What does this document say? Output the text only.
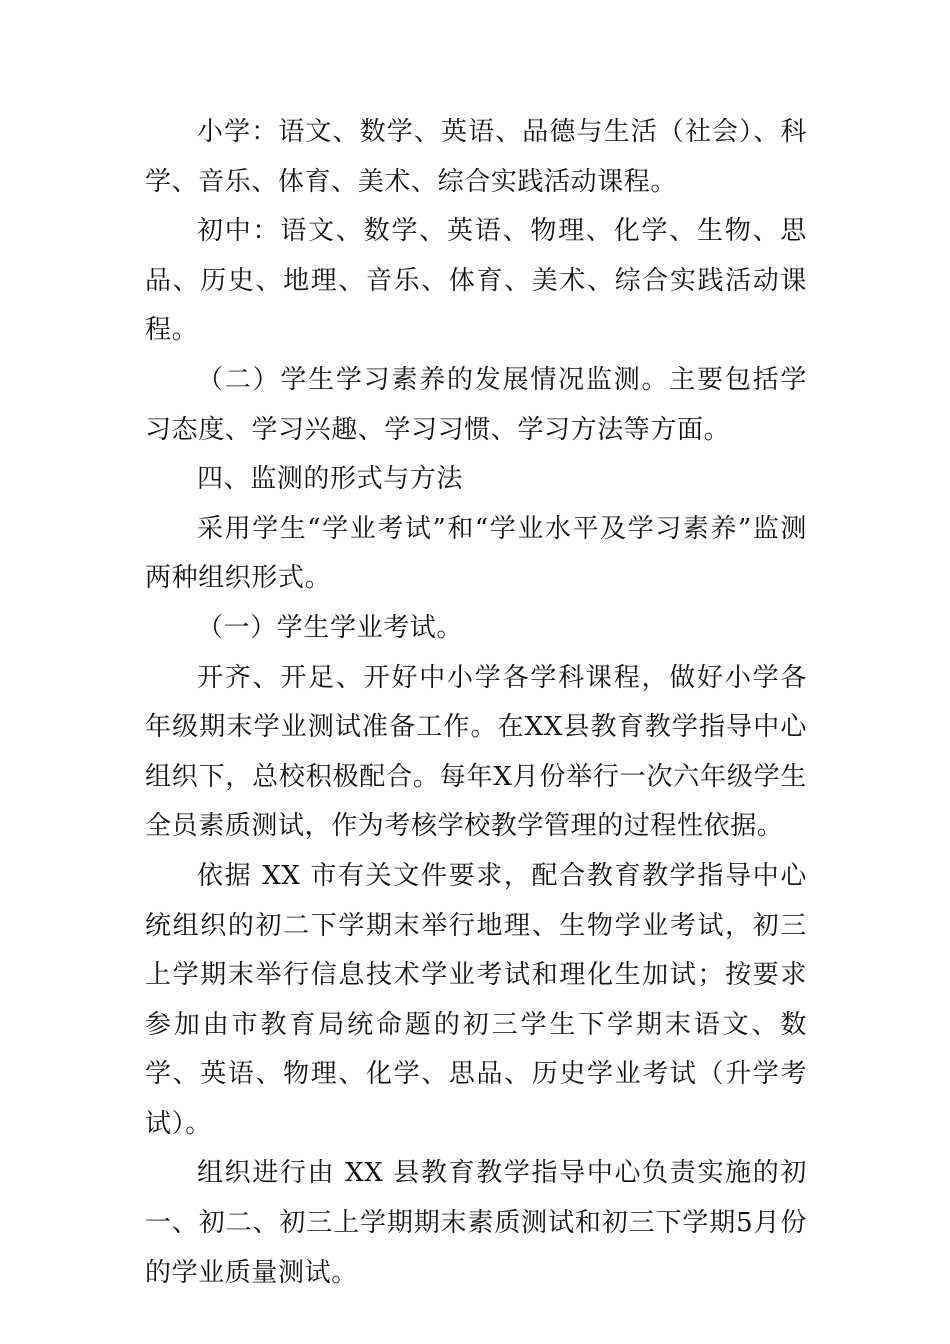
小学：语文、数学、英语、品德与生活（社会）、科学、音乐、体育、美术、综合实践活动课程。

初中：语文、数学、英语、物理、化学、生物、思品、历史、地理、音乐、体育、美术、综合实践活动课程。

（二）学生学习素养的发展情况监测。主要包括学习态度、学习兴趣、学习习惯、学习方法等方面。

四、监测的形式与方法

采用学生“学业考试”和“学业水平及学习素养”监测两种组织形式。

（一）学生学业考试。

开齐、开足、开好中小学各学科课程，做好小学各年级期末学业测试准备工作。在XX县教育教学指导中心组织下，总校积极配合。每年X月份举行一次六年级学生全员素质测试，作为考核学校教学管理的过程性依据。

依据 XX 市有关文件要求，配合教育教学指导中心统组织的初二下学期末举行地理、生物学业考试，初三上学期末举行信息技术学业考试和理化生加试；按要求参加由市教育局统命题的初三学生下学期末语文、数学、英语、物理、化学、思品、历史学业考试（升学考试）。

组织进行由 XX 县教育教学指导中心负责实施的初一、初二、初三上学期期末素质测试和初三下学期5月份的学业质量测试。
